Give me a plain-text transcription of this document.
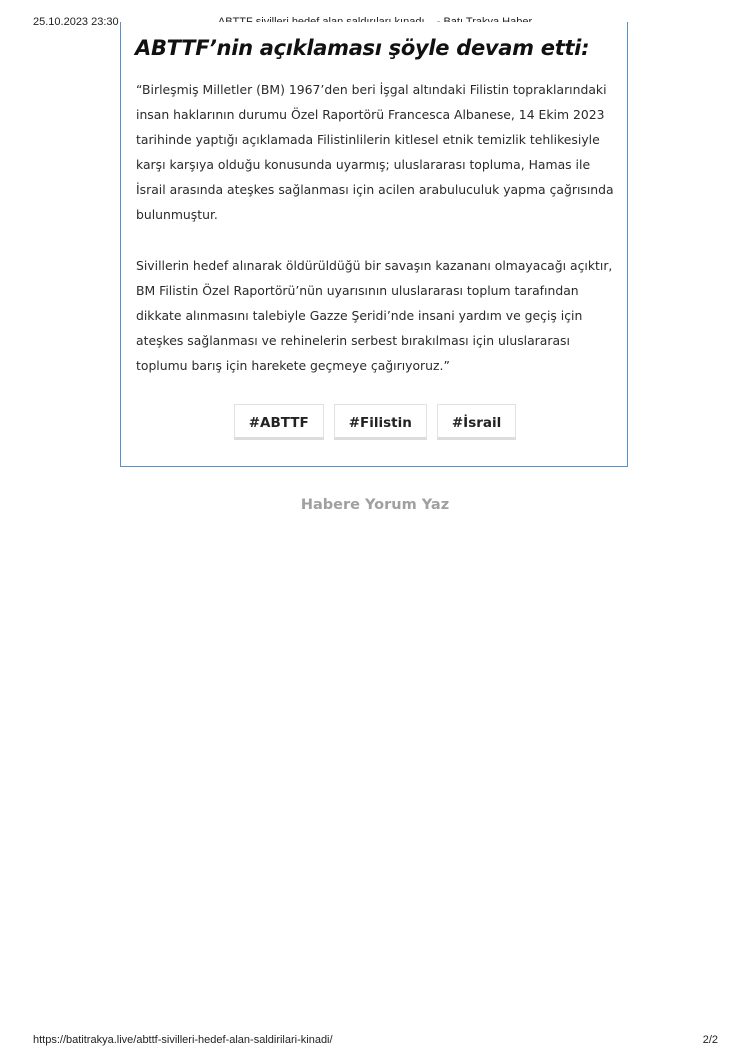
25.10.2023 23:30
ABTTF’nin açıklaması şöyle devam etti:

“Birleşmiş Milletler (BM) 1967’den beri İşgal altındaki Filistin topraklarındaki insan haklarının durumu Özel Raportörü Francesca Albanese, 14 Ekim 2023 tarihinde yaptığı açıklamada Filistinlilerin kitlesel etnik temizlik tehlikesiyle karşı karşıya olduğu konusunda uyarmış; uluslararası topluma, Hamas ile İsrail arasında ateşkes sağlanması için acilen arabuluculuk yapma çağrısında bulunmuştur.

Sivillerin hedef alınarak öldürüldüğü bir savaşın kazananı olmayacağı açıktır, BM Filistin Özel Raportörü’nün uyarısının uluslararası toplum tarafından dikkate alınmasını talebiyle Gazze Şeridi’nde insani yardım ve geçiş için ateşkes sağlanması ve rehinelerin serbest bırakılması için uluslararası toplumu barış için harekete geçmeye çağırıyoruz.”

#ABTTF	#Filistin	#İsrail
Habere Yorum Yaz
https://batitrakya.live/abttf-sivilleri-hedef-alan-saldirilari-kinadi/	2/2
